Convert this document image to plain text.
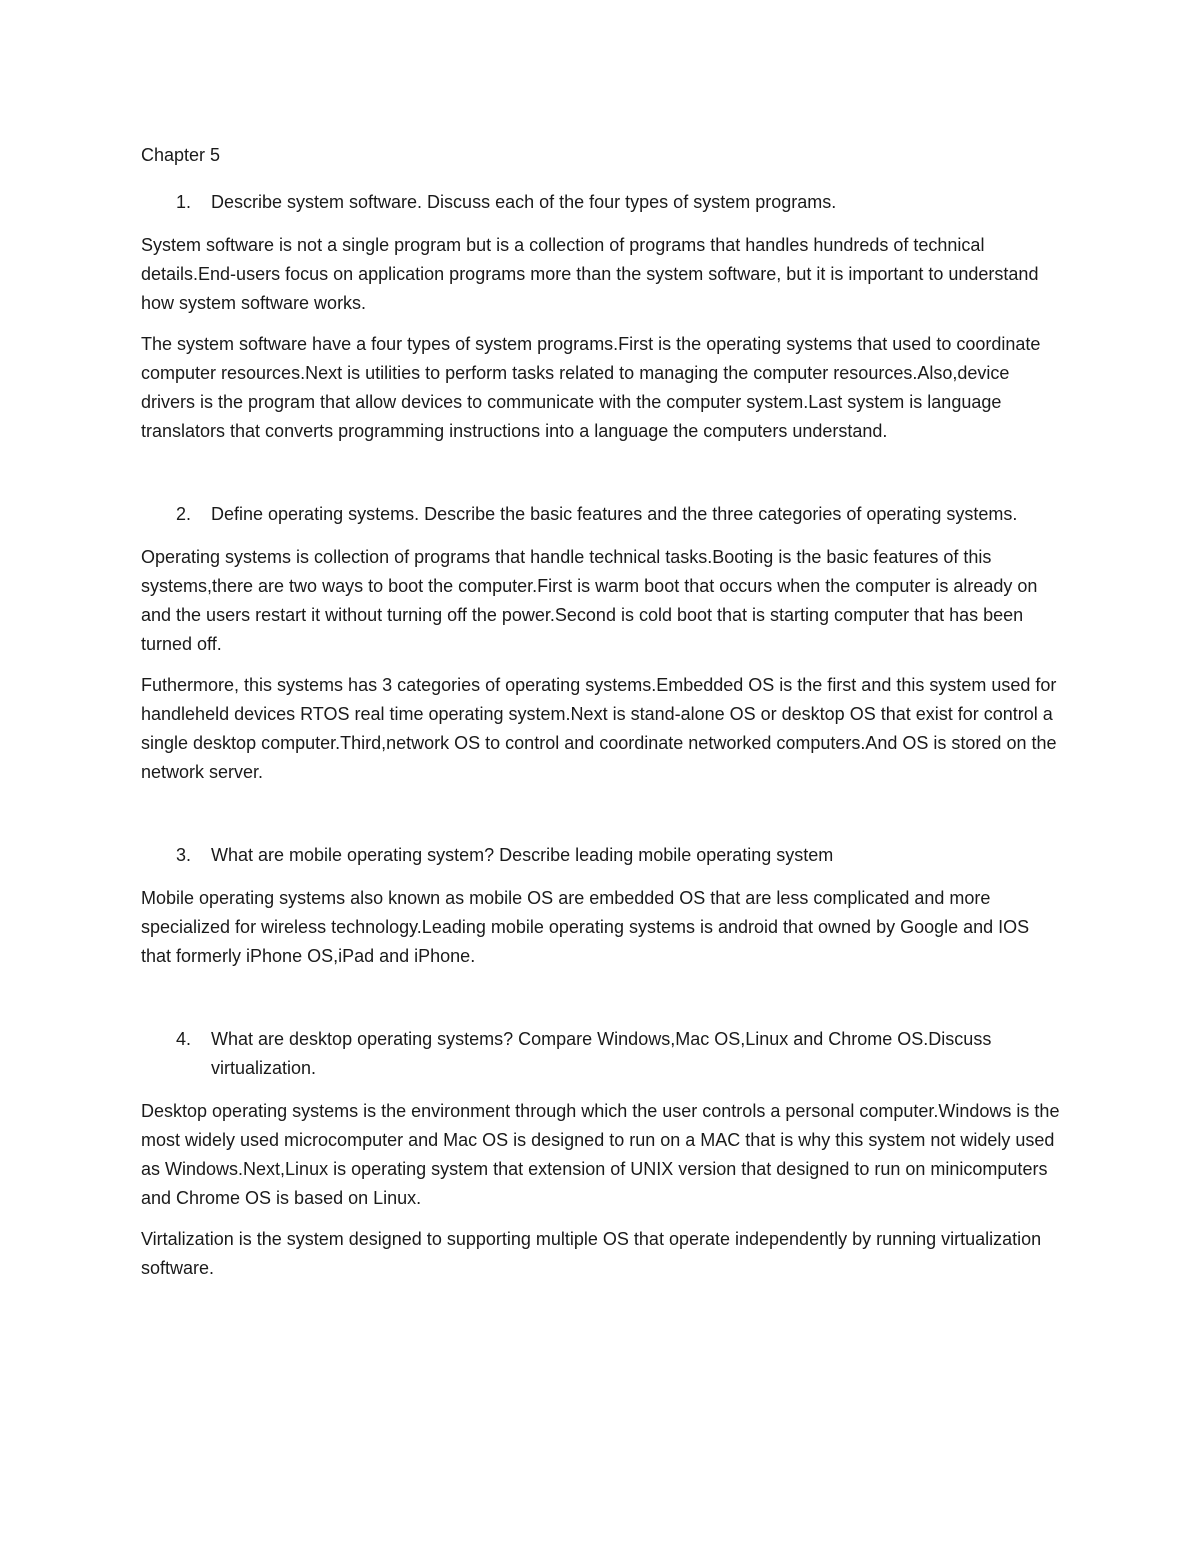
Chapter 5

1. Describe system software. Discuss each of the four types of system programs.

System software is not a single program but is a collection of programs that handles hundreds of technical details.End-users focus on application programs more than the system software, but it is important to understand how system software works.

The system software have a four types of system programs.First is the operating systems that used to coordinate computer resources.Next is utilities to perform tasks related to managing the computer resources.Also,device drivers is the program that allow devices to communicate with the computer system.Last system is language translators that converts programming instructions into a language the computers understand.

2. Define operating systems. Describe the basic features and the three categories of operating systems.

Operating systems is collection of programs that handle technical tasks.Booting is the basic features of this systems,there are two ways to boot the computer.First is warm boot that occurs when the computer is already on and the users restart it without turning off the power.Second is cold boot that is starting computer that has been turned off.

Futhermore, this systems has 3 categories of operating systems.Embedded OS is the first and this system used for handleheld devices RTOS real time operating system.Next is stand-alone OS or desktop OS that exist for control a single desktop computer.Third,network OS to control and coordinate networked computers.And OS is stored on the network server.

3. What are mobile operating system? Describe leading mobile operating system

Mobile operating systems also known as mobile OS are embedded OS that are less complicated and more specialized for wireless technology.Leading mobile operating systems is android that owned by Google and IOS that formerly iPhone OS,iPad and iPhone.

4. What are desktop operating systems? Compare Windows,Mac OS,Linux and Chrome OS.Discuss virtualization.

Desktop operating systems is the environment through which the user controls a personal computer.Windows is the most widely used microcomputer and Mac OS is designed to run on a MAC that is why this system not widely used as Windows.Next,Linux is operating system that extension of UNIX version that designed to run on minicomputers and Chrome OS is based on Linux.

Virtalization is the system designed to supporting multiple OS that operate independently by running virtualization software.
